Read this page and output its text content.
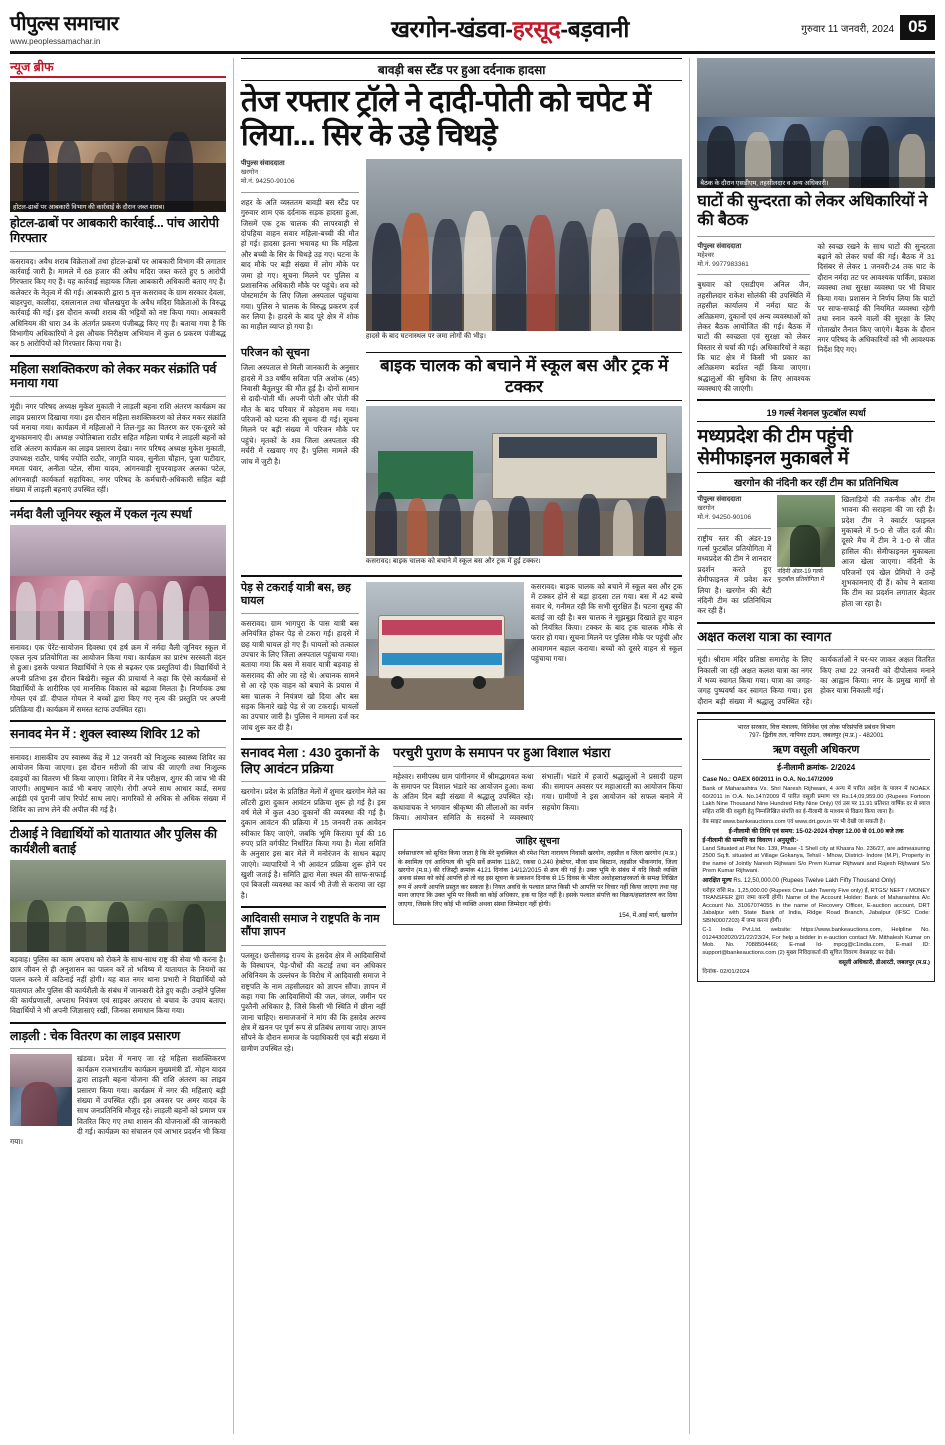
पीपुल्स समाचार
www.peoplessamachar.in	खरगोन-खंडवा-हरसूद-बड़वानी	गुरुवार 11 जनवरी, 2024 05
न्यूज ब्रीफ
होटल-ढाबों पर आबकारी विभाग की कार्रवाई के दौरान जब्त शराब।
होटल-ढाबों पर आबकारी कार्रवाई... पांच आरोपी गिरफ्तार
कसरावद। अवैध शराब विक्रेताओं तथा होटल-ढाबों पर आबकारी विभाग की लगातार कार्रवाई जारी है। मामले में 68 हजार की अवैध मदिरा जब्त करते हुए 5 आरोपी गिरफ्तार किए गए हैं। यह कार्रवाई सहायक जिला आबकारी अधिकारी बताए गए हैं। कलेक्टर के नेतृत्व में की गई। आबकारी द्वारा 5 वृत्त कसरावद के ग्राम सरकार देवला, बाहरपुरा, कालीदा, दसलानाल तथा चौलखपुरा के अवैध मदिरा विक्रेताओं के विरुद्ध कार्रवाई की गई। इस दौरान कच्ची शराब की भट्टियों को नष्ट किया गया। आबकारी अधिनियम की धारा 34 के अंतर्गत प्रकरण पंजीबद्ध किए गए हैं। बताया गया है कि विभागीय अधिकारियों ने इस औचक निरीक्षण अभियान में कुल 6 प्रकरण पंजीबद्ध कर 5 आरोपियों को गिरफ्तार किया गया है।
महिला सशक्तिकरण को लेकर मकर संक्रांति पर्व मनाया गया
मूंदी। नगर परिषद अध्यक्ष मुकेश मुकाती ने लाड़ली बहना राशि अंतरण कार्यक्रम का लाइव प्रसारण दिखाया गया। इस दौरान महिला सशक्तिकरण को लेकर मकर संक्रांति पर्व मनाया गया। कार्यक्रम में महिलाओं ने तिल-गुड़ का वितरण कर एक-दूसरे को शुभकामनाएं दी। अध्यक्ष ज्योतिबाला राठौर सहित महिला पार्षद ने लाड़ली बहनों को राशि अंतरण कार्यक्रम का लाइव प्रसारण देखा। नगर परिषद अध्यक्ष मुकेश मुकाती, उपाध्यक्ष राठौर, पार्षद ज्योति राठौर, जागृति यादव, सुनीता चौहान, पूजा पाटीदार, ममता पंवार, अनीता पटेल, सीमा यादव, आंगनवाड़ी सुपरवाइजर अलका पटेल, आंगनवाड़ी कार्यकर्ता सहायिका, नगर परिषद के कर्मचारी-अधिकारी सहित बड़ी संख्या में लाड़ली बहनाएं उपस्थित रहीं।
नर्मदा वैली जूनियर स्कूल में एकल नृत्य स्पर्धा
सनावद। एक पेरेंट-सायोजन दिवस्था एवं हर्ष क्रम में नर्मदा वैली जूनियर स्कूल में एकल नृत्य प्रतियोगिता का आयोजन किया गया। कार्यक्रम का प्रारंभ सरस्वती वंदन से हुआ। इसके पश्चात विद्यार्थियों ने एक से बढ़कर एक प्रस्तुतियां दी। विद्यार्थियों ने अपनी प्रतिभा इस दौरान बिखेरी। स्कूल की प्राचार्या ने कहा कि ऐसे कार्यक्रमों से विद्यार्थियों के शारीरिक एवं मानसिक विकास को बढ़ावा मिलता है। निर्णायक उषा गोयल एवं डॉ. दीपाल गोयल ने बच्चों द्वारा किए गए नृत्य की प्रस्तुति पर अपनी प्रतिक्रिया दी। कार्यक्रम में समस्त स्टाफ उपस्थित रहा।
सनावद मेन में : शुक्ल स्वास्थ्य शिविर 12 को
सनावद। शासकीय उप स्वास्थ्य केंद्र में 12 जनवरी को निःशुल्क स्वास्थ्य शिविर का आयोजन किया जाएगा। इस दौरान मरीजों की जांच की जाएगी तथा निःशुल्क दवाइयों का वितरण भी किया जाएगा। शिविर में नेत्र परीक्षण, शुगर की जांच भी की जाएगी। आयुष्मान कार्ड भी बनाए जाएंगे। रोगी अपने साथ आधार कार्ड, समग्र आईडी एवं पुरानी जांच रिपोर्ट साथ लाएं। नागरिकों से अधिक से अधिक संख्या में शिविर का लाभ लेने की अपील की गई है।
टीआई ने विद्यार्थियों को यातायात और पुलिस की कार्यशैली बताई
बड़वाह। पुलिस का काम अपराध को रोकने के साथ-साथ राष्ट्र की सेवा भी करना है। छात्र जीवन से ही अनुशासन का पालन करें तो भविष्य में यातायात के नियमों का पालन करने में कठिनाई नहीं होगी। यह बात नगर थाना प्रभारी ने विद्यार्थियों को यातायात और पुलिस की कार्यशैली के संबंध में जानकारी देते हुए कही। उन्होंने पुलिस की कार्यप्रणाली, अपराध नियंत्रण एवं साइबर अपराध से बचाव के उपाय बताए। विद्यार्थियों ने भी अपनी जिज्ञासाएं रखीं, जिनका समाधान किया गया।
लाड़ली : चेक वितरण का लाइव प्रसारण
खंडवा। प्रदेश में मनाए जा रहे महिला सशक्तिकरण कार्यक्रम राजभारतीय कार्यक्रम मुख्यमंत्री डॉ. मोहन यादव द्वारा लाड़ली बहना योजना की राशि अंतरण का लाइव प्रसारण किया गया। कार्यक्रम में नगर की महिलाएं बड़ी संख्या में उपस्थित रहीं। इस अवसर पर अमर यादव के साथ जनप्रतिनिधि मौजूद रहे। लाड़ली बहनों को प्रमाण पत्र वितरित किए गए तथा शासन की योजनाओं की जानकारी दी गई। कार्यक्रम का संचालन एवं आभार प्रदर्शन भी किया गया।
बावड़ी बस स्टैंड पर हुआ दर्दनाक हादसा
तेज रफ्तार ट्रॉले ने दादी-पोती को चपेट में लिया... सिर के उड़े चिथड़े
पीपुल्स संवाददाता
खरगोन
मो.नं. 94250-90106
शहर के अति व्यस्ततम बावड़ी बस स्टैंड पर गुरुवार शाम एक दर्दनाक सड़क हादसा हुआ, जिसमें एक ट्रक चालक की लापरवाही से दोपहिया वाहन सवार महिला-बच्ची की मौत हो गई। हादसा इतना भयावह था कि महिला और बच्ची के सिर के चिथड़े उड़ गए। घटना के बाद मौके पर बड़ी संख्या में लोग मौके पर जमा हो गए। सूचना मिलने पर पुलिस व प्रशासनिक अधिकारी मौके पर पहुंचे। शव को पोस्टमार्टम के लिए जिला अस्पताल पहुंचाया गया। पुलिस ने चालक के विरुद्ध प्रकरण दर्ज कर लिया है। हादसे के बाद पूरे क्षेत्र में शोक का माहौल व्याप्त हो गया है।
हादसे के बाद घटनास्थल पर जमा लोगों की भीड़।
परिजन को सूचना
जिला अस्पताल से मिली जानकारी के अनुसार हादसे में 33 वर्षीय सविता पति अशोक (45) निवासी बैतूलपुर की मौत हुई है। दोनों सामान से दादी-पोती थीं। अपनी पोती और पोती की मौत के बाद परिवार में कोहराम मच गया। परिजनों को घटना की सूचना दी गई। सूचना मिलने पर बड़ी संख्या में परिजन मौके पर पहुंचे। मृतकों के शव जिला अस्पताल की मर्चरी में रखवाए गए हैं। पुलिस मामले की जांच में जुटी है।
बाइक चालक को बचाने में स्कूल बस और ट्रक में टक्कर
कसरावद। बाइक चालक को बचाने में स्कूल बस और ट्रक में हुई टक्कर।
पेड़ से टकराई यात्री बस, छह घायल
कसरावद। ग्राम भागपुरा के पास यात्री बस अनियंत्रित होकर पेड़ से टकरा गई। हादसे में छह यात्री घायल हो गए हैं। घायलों को तत्काल उपचार के लिए जिला अस्पताल पहुंचाया गया। बताया गया कि बस में सवार यात्री बड़वाह से कसरावद की ओर जा रहे थे। अचानक सामने से आ रहे एक वाहन को बचाने के प्रयास में बस चालक ने नियंत्रण खो दिया और बस सड़क किनारे खड़े पेड़ से जा टकराई। घायलों का उपचार जारी है। पुलिस ने मामला दर्ज कर जांच शुरू कर दी है।
कसरावद। बाइक चालक को बचाने में स्कूल बस और ट्रक में टक्कर होने से बड़ा हादसा टल गया। बस में 42 बच्चे सवार थे, गनीमत रही कि सभी सुरक्षित हैं। घटना सुबह की बताई जा रही है। बस चालक ने सूझबूझ दिखाते हुए वाहन को नियंत्रित किया। टक्कर के बाद ट्रक चालक मौके से फरार हो गया। सूचना मिलने पर पुलिस मौके पर पहुंची और आवागमन बहाल कराया। बच्चों को दूसरे वाहन से स्कूल पहुंचाया गया।
सनावद मेला : 430 दुकानों के लिए आवंटन प्रक्रिया
खरगोन। प्रदेश के प्रतिष्ठित मेलों में शुमार खरगोन मेले का लॉटरी द्वारा दुकान आवंटन प्रक्रिया शुरू हो गई है। इस वर्ष मेले में कुल 430 दुकानों की व्यवस्था की गई है। दुकान आवंटन की प्रक्रिया में 15 जनवरी तक आवेदन स्वीकार किए जाएंगे, जबकि भूमि किराया पूर्व की 16 रुपए प्रति वर्गफीट निर्धारित किया गया है। मेला समिति के अनुसार इस बार मेले में मनोरंजन के साधन बढ़ाए जाएंगे। व्यापारियों ने भी आवंटन प्रक्रिया शुरू होने पर खुशी जताई है। समिति द्वारा मेला स्थल की साफ-सफाई एवं बिजली व्यवस्था का कार्य भी तेजी से कराया जा रहा है।
आदिवासी समाज ने राष्ट्रपति के नाम सौंपा ज्ञापन
पलसूद। छत्तीसगढ़ राज्य के हसदेव क्षेत्र में आदिवासियों के विस्थापन, पेड़-पौधों की कटाई तथा वन अधिकार अधिनियम के उल्लंघन के विरोध में आदिवासी समाज ने राष्ट्रपति के नाम तहसीलदार को ज्ञापन सौंपा। ज्ञापन में कहा गया कि आदिवासियों की जल, जंगल, जमीन पर पुश्तैनी अधिकार है, जिसे किसी भी स्थिति में छीना नहीं जाना चाहिए। समाजजनों ने मांग की कि हसदेव अरण्य क्षेत्र में खनन पर पूर्ण रूप से प्रतिबंध लगाया जाए। ज्ञापन सौंपने के दौरान समाज के पदाधिकारी एवं बड़ी संख्या में ग्रामीण उपस्थित रहे।
परचुरी पुराण के समापन पर हुआ विशाल भंडारा
महेश्वर। समीपस्थ ग्राम पांगीनगर में श्रीमद्भागवत कथा के समापन पर विशाल भंडारे का आयोजन हुआ। कथा के अंतिम दिन बड़ी संख्या में श्रद्धालु उपस्थित रहे। कथावाचक ने भगवान श्रीकृष्ण की लीलाओं का वर्णन किया। आयोजन समिति के सदस्यों ने व्यवस्थाएं संभालीं। भंडारे में हजारों श्रद्धालुओं ने प्रसादी ग्रहण की। समापन अवसर पर महाआरती का आयोजन किया गया। ग्रामीणों ने इस आयोजन को सफल बनाने में सहयोग किया।
जाहिर सूचना
सर्वसाधारण को सूचित किया जाता है कि मेरे मुवक्किल श्री रमेश पिता नारायण निवासी खरगोन, तहसील व जिला खरगोन (म.प्र.) के स्वामित्व एवं आधिपत्य की भूमि सर्वे क्रमांक 118/2, रकबा 0.240 हेक्टेयर, मौजा ग्राम बिस्टान, तहसील भीकनगांव, जिला खरगोन (म.प्र.) की रजिस्ट्री क्रमांक 4121 दिनांक 14/12/2015 से क्रय की गई है। उक्त भूमि के संबंध में यदि किसी व्यक्ति अथवा संस्था को कोई आपत्ति हो तो वह इस सूचना के प्रकाशन दिनांक से 15 दिवस के भीतर अधोहस्ताक्षरकर्ता के समक्ष लिखित रूप में अपनी आपत्ति प्रस्तुत कर सकता है। नियत अवधि के पश्चात प्राप्त किसी भी आपत्ति पर विचार नहीं किया जाएगा तथा यह माना जाएगा कि उक्त भूमि पर किसी का कोई अधिकार, हक या हित नहीं है। इसके पश्चात संपत्ति का विक्रय/हस्तांतरण कर दिया जाएगा, जिसके लिए कोई भी व्यक्ति अथवा संस्था जिम्मेदार नहीं होगी।
154, में.आई मार्ग, खरगोन
बैठक के दौरान एसडीएम, तहसीलदार व अन्य अधिकारी।
घाटों की सुन्दरता को लेकर अधिकारियों ने की बैठक
पीपुल्स संवाददाता
महेश्वर
मो.नं. 9977983361
बुधवार को एसडीएम अनिल जैन, तहसीलदार राकेश सोलंकी की उपस्थिति में तहसील कार्यालय में नर्मदा घाट के अतिक्रमण, दुकानों एवं अन्य व्यवस्थाओं को लेकर बैठक आयोजित की गई। बैठक में घाटों की स्वच्छता एवं सुरक्षा को लेकर विस्तार से चर्चा की गई। अधिकारियों ने कहा कि घाट क्षेत्र में किसी भी प्रकार का अतिक्रमण बर्दाश्त नहीं किया जाएगा। श्रद्धालुओं की सुविधा के लिए आवश्यक व्यवस्थाएं की जाएंगी।
को स्वच्छ रखने के साथ घाटों की सुन्दरता बढ़ाने को लेकर चर्चा की गई। बैठक में 31 दिसंबर से लेकर 1 जनवरी-24 तक घाट के दौरान नर्मदा तट पर आवश्यक पार्किंग, प्रकाश व्यवस्था तथा सुरक्षा व्यवस्था पर भी विचार किया गया। प्रशासन ने निर्णय लिया कि घाटों पर साफ-सफाई की नियमित व्यवस्था रहेगी तथा स्नान करने वालों की सुरक्षा के लिए गोताखोर तैनात किए जाएंगे। बैठक के दौरान नगर परिषद के अधिकारियों को भी आवश्यक निर्देश दिए गए।
19 गर्ल्स नेशनल फुटबॉल स्पर्धा
मध्यप्रदेश की टीम पहुंची सेमीफाइनल मुकाबले में
खरगोन की नंदिनी कर रहीं टीम का प्रतिनिधित्व
पीपुल्स संवाददाता
खरगोन
मो.नं. 94250-90106
राष्ट्रीय स्तर की अंडर-19 गर्ल्स फुटबॉल प्रतियोगिता में मध्यप्रदेश की टीम ने शानदार प्रदर्शन करते हुए सेमीफाइनल में प्रवेश कर लिया है। खरगोन की बेटी नंदिनी टीम का प्रतिनिधित्व कर रही हैं।
नंदिनी अंडर-19 गर्ल्स फुटबॉल प्रतियोगिता में
खिलाड़ियों की तकनीक और टीम भावना की सराहना की जा रही है। प्रदेश टीम ने क्वार्टर फाइनल मुकाबले में 5-0 से जीत दर्ज की। दूसरे मैच में टीम ने 1-0 से जीत हासिल की। सेमीफाइनल मुकाबला आज खेला जाएगा। नंदिनी के परिजनों एवं खेल प्रेमियों ने उन्हें शुभकामनाएं दी हैं। कोच ने बताया कि टीम का प्रदर्शन लगातार बेहतर होता जा रहा है।
अक्षत कलश यात्रा का स्वागत
मूंदी। श्रीराम मंदिर प्रतिष्ठा समारोह के लिए निकाली जा रही अक्षत कलश यात्रा का नगर में भव्य स्वागत किया गया। यात्रा का जगह-जगह पुष्पवर्षा कर स्वागत किया गया। इस दौरान बड़ी संख्या में श्रद्धालु उपस्थित रहे। कार्यकर्ताओं ने घर-घर जाकर अक्षत वितरित किए तथा 22 जनवरी को दीपोत्सव मनाने का आह्वान किया। नगर के प्रमुख मार्गों से होकर यात्रा निकाली गई।
भारत सरकार, वित्त मंत्रालय, विनिवेश एवं लोक परिसंपत्ति प्रबंधन विभाग
797- द्वितीय तल, नापियर टाउन, जबलपुर (म.प्र.) - 482001
ऋण वसूली अधिकरण
ई-नीलामी क्रमांक- 2/2024
Case No.: OAEX 60/2011 in O.A. No.147/2009
Bank of Maharashtra Vs. Shri Naresh Rijhwani, 4 अन्य में पारित आदेश के पालन में NOAEX 60/2011 in O.A. No.147/2009 में पारित वसूली प्रमाण पत्र Rs.14,09,959.00 (Rupees Fortoon Lakh Nine Thousand Nine Hundred Fifty Nine Only) एवं उस पर 11.91 प्रतिशत वार्षिक दर से ब्याज सहित राशि की वसूली हेतु निम्नलिखित संपत्ति का ई-नीलामी के माध्यम से विक्रय किया जाना है।
वेब साइट www.bankeauctions.com एवं www.drt.gov.in पर भी देखी जा सकती है।
ई-नीलामी की तिथि एवं समय: 15-02-2024 दोपहर 12.00 से 01.00 बजे तक
ई-नीलामी की सम्पत्ति का विवरण / अनुसूची:-
Land Situated at Plot No. 139, Phase -1 Shell city at Khasra No. 236/27, are admeasuring 2500 Sq.ft. situated at Village Gokanya, Tehsil - Mhow, District- Indore (M.P), Property in the name of Jointly Naresh Rijhwani S/o Prem Kumar Rijhwani and Rajesh Rijhwani S/o Prem Kumar Rijhwani.
आरक्षित मूल्य Rs. 12,50,000.00 (Rupees Twelve Lakh Fifty Thousand Only)
धरोहर राशि Rs. 1,25,000.00 (Rupees One Lakh Twenty Five only) ई, RTGS/ NEFT / MONEY TRANSFER द्वारा जमा करनी होगी। Name of the Account Holder: Bank of Maharashtra A/c Account No. 31067074055 in the name of Recovery Officer, E-auction account, DRT Jabalpur with State Bank of India, Ridge Road Branch, Jabalpur (IFSC Code: SBIN0007203) में जमा करना होगी।
C-1 India Pvt.Ltd. website: https://www.bankeauctions.com, Helpline No. 01244302020/21/22/23/24, For help a bidder in e-auction contact Mr. Mithalesh Kumar on Mob. No. 7088504466; E-mail Id- mpcg@c1india.com, E-mail ID: support@bankeauctions.com (2) मुख्य निविदाकर्ता की सूचित विवरण वेबसाइट पर देखें।
वसूली अधिकारी, डीआरटी, जबलपुर (म.प्र.)
दिनांक- 02/01/2024
